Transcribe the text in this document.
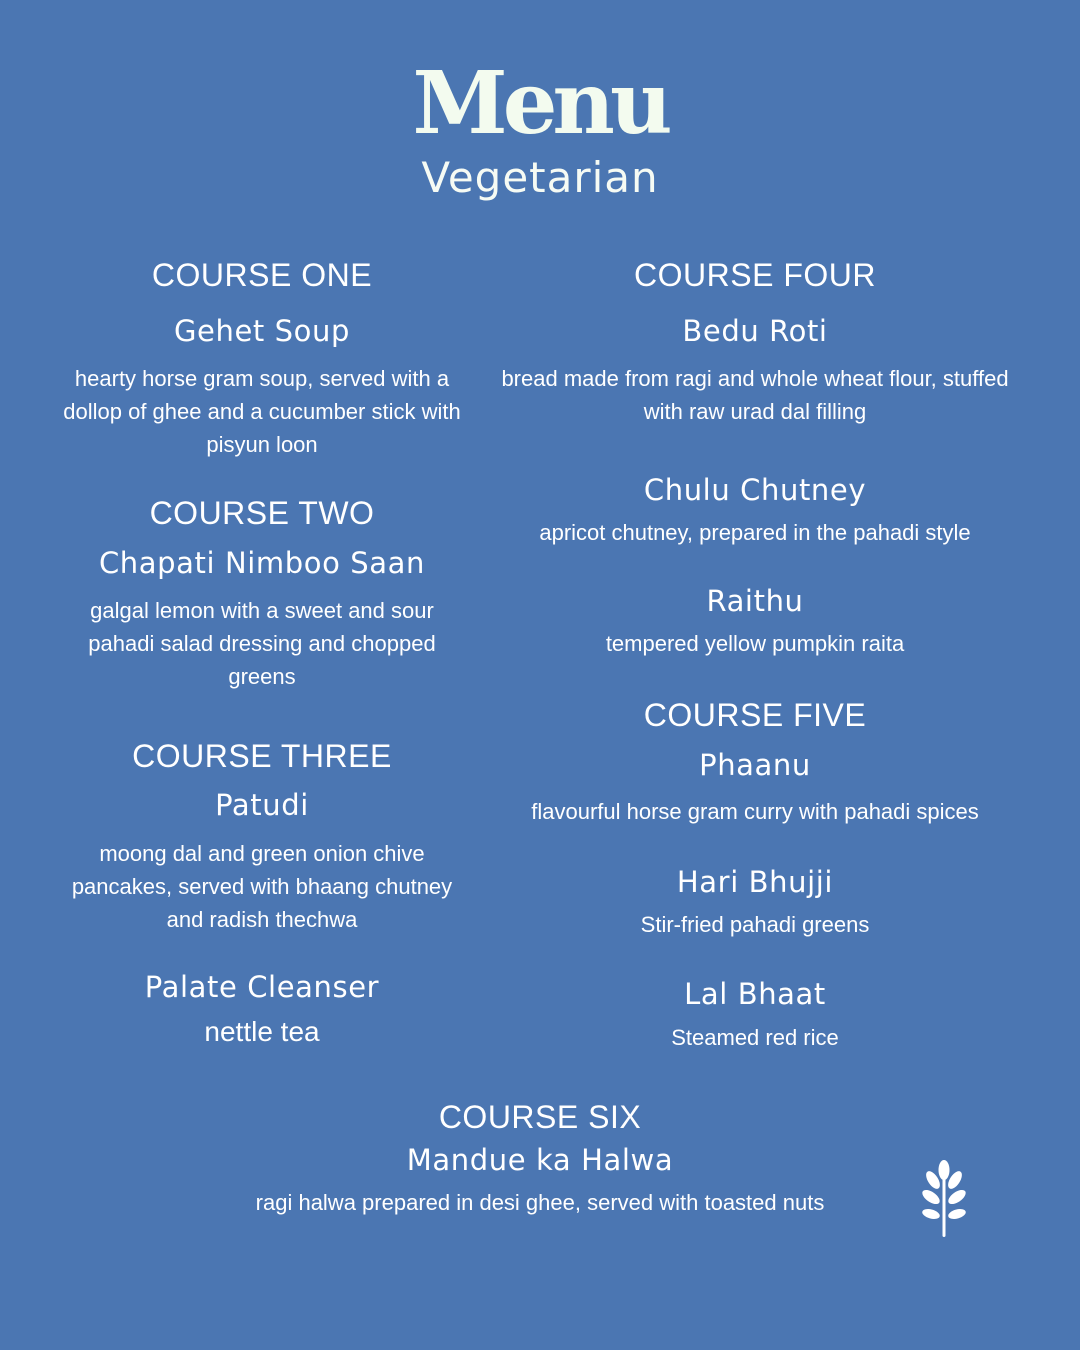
Menu
Vegetarian
COURSE ONE
Gehet Soup
hearty horse gram soup, served with a dollop of ghee and a cucumber stick with pisyun loon
COURSE TWO
Chapati Nimboo Saan
galgal lemon with a sweet and sour pahadi salad dressing and chopped greens
COURSE THREE
Patudi
moong dal and green onion chive pancakes, served with bhaang chutney and radish thechwa
Palate Cleanser
nettle tea
COURSE FOUR
Bedu Roti
bread made from ragi and whole wheat flour, stuffed with raw urad dal filling
Chulu Chutney
apricot chutney, prepared in the pahadi style
Raithu
tempered yellow pumpkin raita
COURSE FIVE
Phaanu
flavourful horse gram curry with pahadi spices
Hari Bhujji
Stir-fried pahadi greens
Lal Bhaat
Steamed red rice
COURSE SIX
Mandue ka Halwa
ragi halwa prepared in desi ghee, served with toasted nuts
